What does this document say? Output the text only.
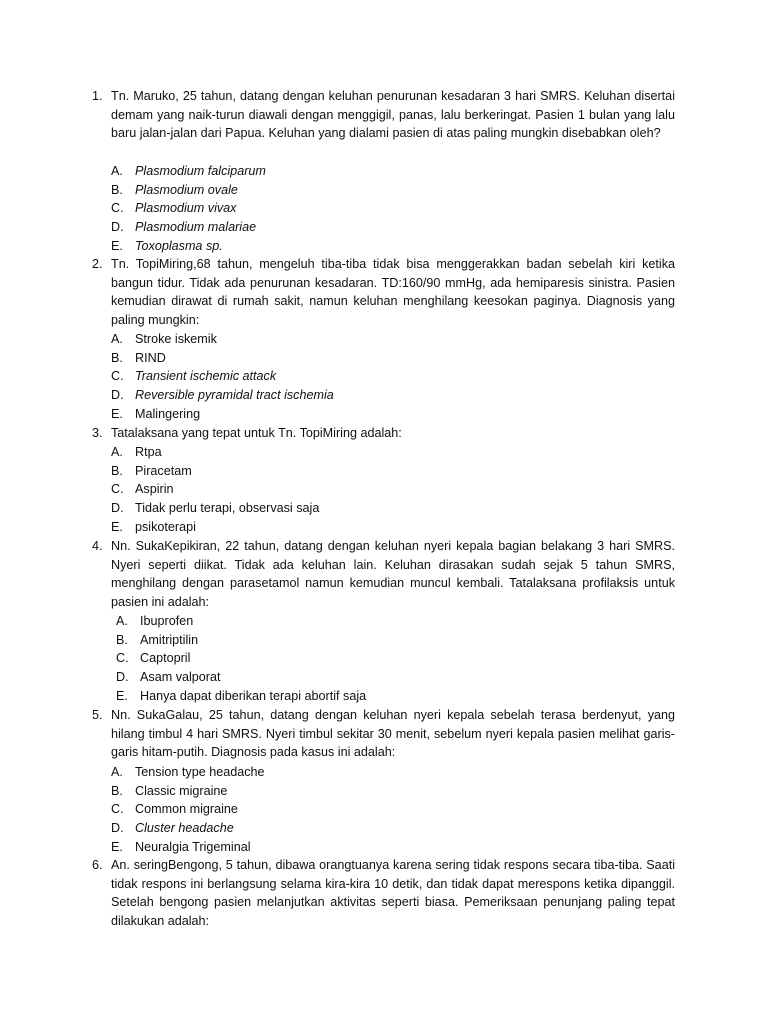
1. Tn. Maruko, 25 tahun, datang dengan keluhan penurunan kesadaran 3 hari SMRS. Keluhan disertai demam yang naik-turun diawali dengan menggigil, panas, lalu berkeringat. Pasien 1 bulan yang lalu baru jalan-jalan dari Papua. Keluhan yang dialami pasien di atas paling mungkin disebabkan oleh?
A. Plasmodium falciparum
B. Plasmodium ovale
C. Plasmodium vivax
D. Plasmodium malariae
E. Toxoplasma sp.
2. Tn. TopiMiring,68 tahun, mengeluh tiba-tiba tidak bisa menggerakkan badan sebelah kiri ketika bangun tidur. Tidak ada penurunan kesadaran. TD:160/90 mmHg, ada hemiparesis sinistra. Pasien kemudian dirawat di rumah sakit, namun keluhan menghilang keesokan paginya. Diagnosis yang paling mungkin:
A. Stroke iskemik
B. RIND
C. Transient ischemic attack
D. Reversible pyramidal tract ischemia
E. Malingering
3. Tatalaksana yang tepat untuk Tn. TopiMiring adalah:
A. Rtpa
B. Piracetam
C. Aspirin
D. Tidak perlu terapi, observasi saja
E. psikoterapi
4. Nn. SukaKepikiran, 22 tahun, datang dengan keluhan nyeri kepala bagian belakang 3 hari SMRS. Nyeri seperti diikat. Tidak ada keluhan lain. Keluhan dirasakan sudah sejak 5 tahun SMRS, menghilang dengan parasetamol namun kemudian muncul kembali. Tatalaksana profilaksis untuk pasien ini adalah:
A. Ibuprofen
B. Amitriptilin
C. Captopril
D. Asam valporat
E. Hanya dapat diberikan terapi abortif saja
5. Nn. SukaGalau, 25 tahun, datang dengan keluhan nyeri kepala sebelah terasa berdenyut, yang hilang timbul 4 hari SMRS. Nyeri timbul sekitar 30 menit, sebelum nyeri kepala pasien melihat garis-garis hitam-putih. Diagnosis pada kasus ini adalah:
A. Tension type headache
B. Classic migraine
C. Common migraine
D. Cluster headache
E. Neuralgia Trigeminal
6. An. seringBengong, 5 tahun, dibawa orangtuanya karena sering tidak respons secara tiba-tiba. Saati tidak respons ini berlangsung selama kira-kira 10 detik, dan tidak dapat merespons ketika dipanggil. Setelah bengong pasien melanjutkan aktivitas seperti biasa. Pemeriksaan penunjang paling tepat dilakukan adalah:
